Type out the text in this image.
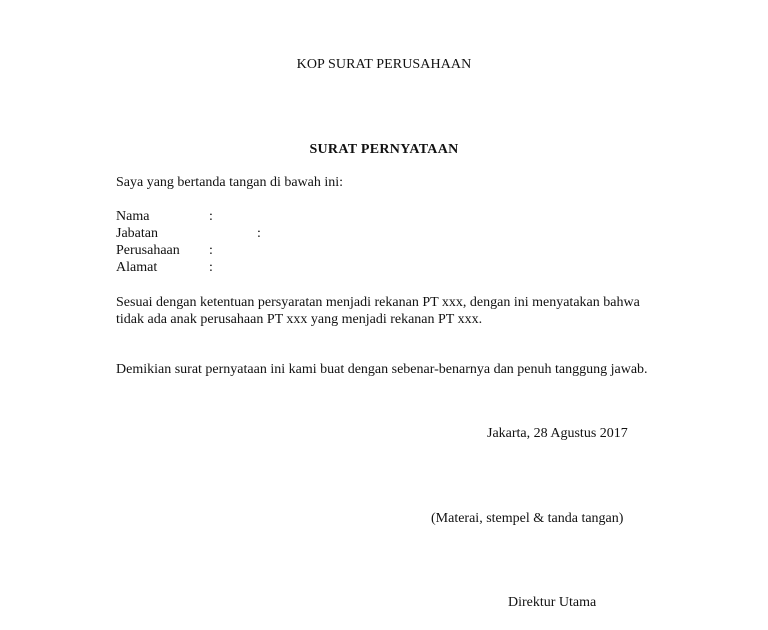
KOP SURAT PERUSAHAAN
SURAT PERNYATAAN
Saya yang bertanda tangan di bawah ini:
Nama	:
Jabatan	:
Perusahaan :
Alamat	:
Sesuai dengan ketentuan persyaratan menjadi rekanan PT xxx, dengan ini menyatakan bahwa tidak ada anak perusahaan PT xxx yang menjadi rekanan PT xxx.
Demikian surat pernyataan ini kami buat dengan sebenar-benarnya dan penuh tanggung jawab.
Jakarta, 28 Agustus 2017
(Materai, stempel & tanda tangan)
Direktur Utama
